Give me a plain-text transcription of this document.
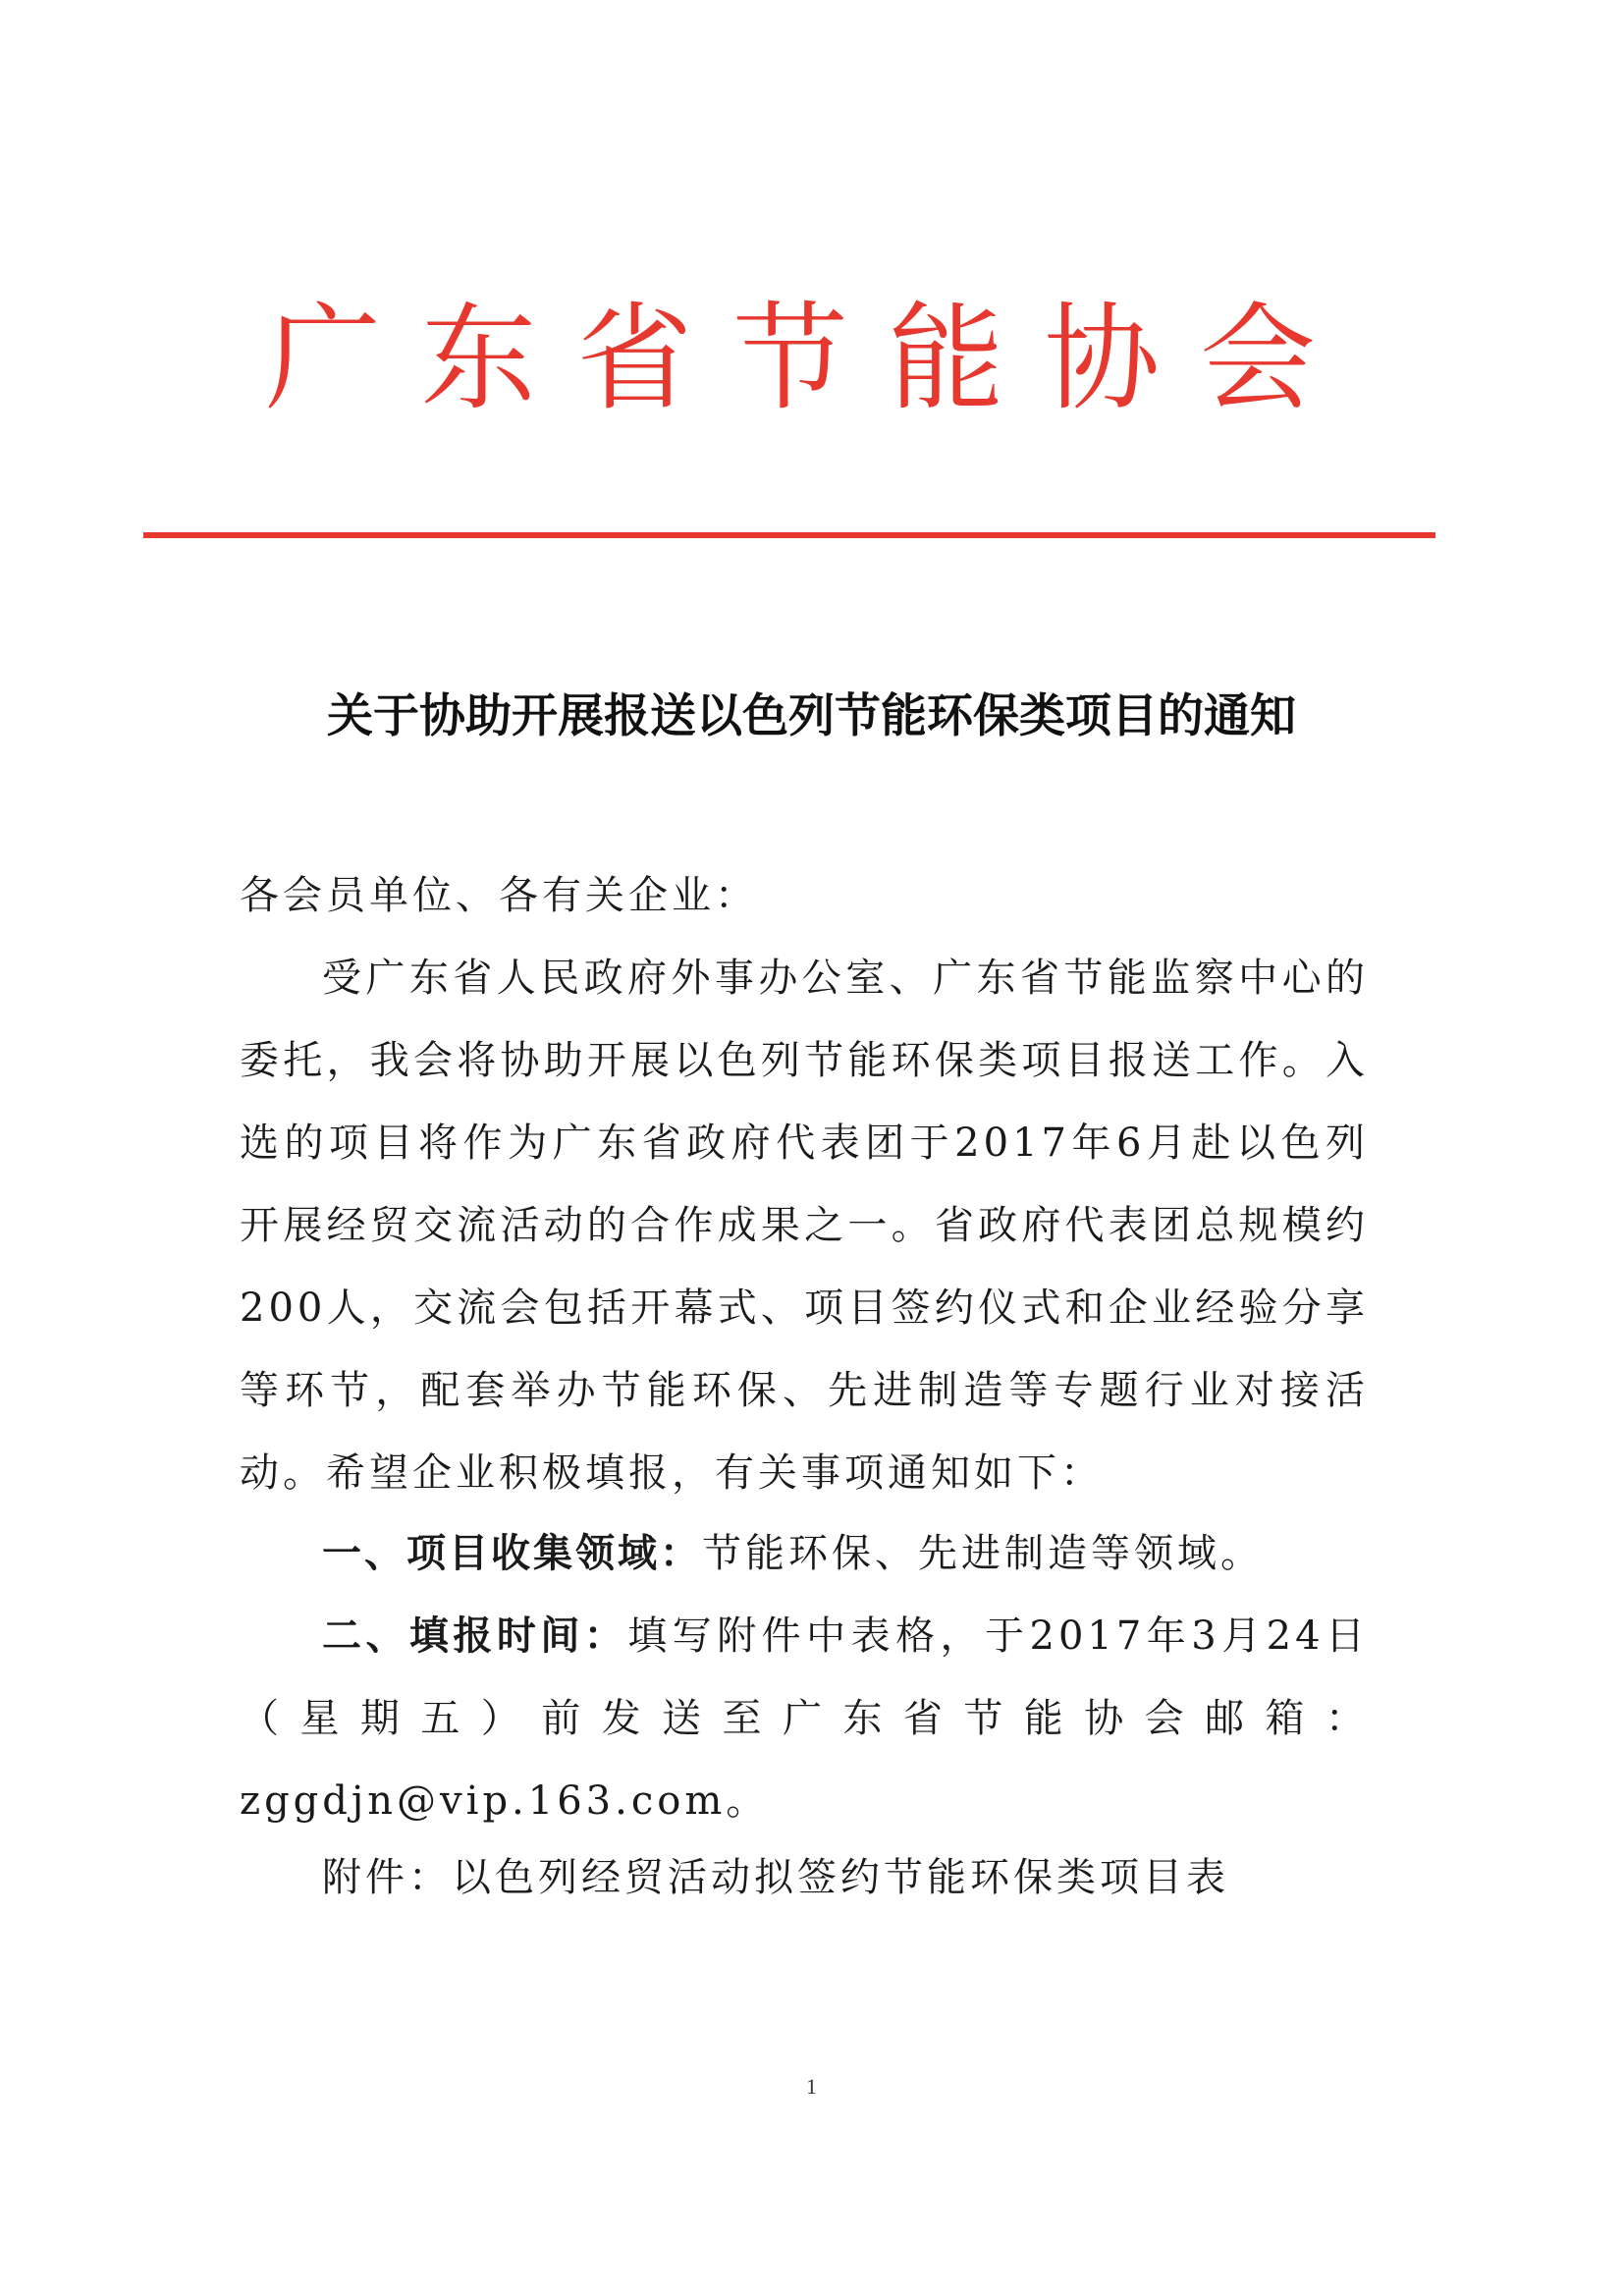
广 东 省 节 能 协 会
关于协助开展报送以色列节能环保类项目的通知

各会员单位、各有关企业：

受广东省人民政府外事办公室、广东省节能监察中心的委托，我会将协助开展以色列节能环保类项目报送工作。入选的项目将作为广东省政府代表团于2017年6月赴以色列开展经贸交流活动的合作成果之一。省政府代表团总规模约200人，交流会包括开幕式、项目签约仪式和企业经验分享等环节，配套举办节能环保、先进制造等专题行业对接活动。希望企业积极填报，有关事项通知如下：

一、项目收集领域：节能环保、先进制造等领域。

二、填报时间：填写附件中表格，于2017年3月24日（星期五）前发送至广东省节能协会邮箱：zggdjn@vip.163.com。

附件：以色列经贸活动拟签约节能环保类项目表

1
